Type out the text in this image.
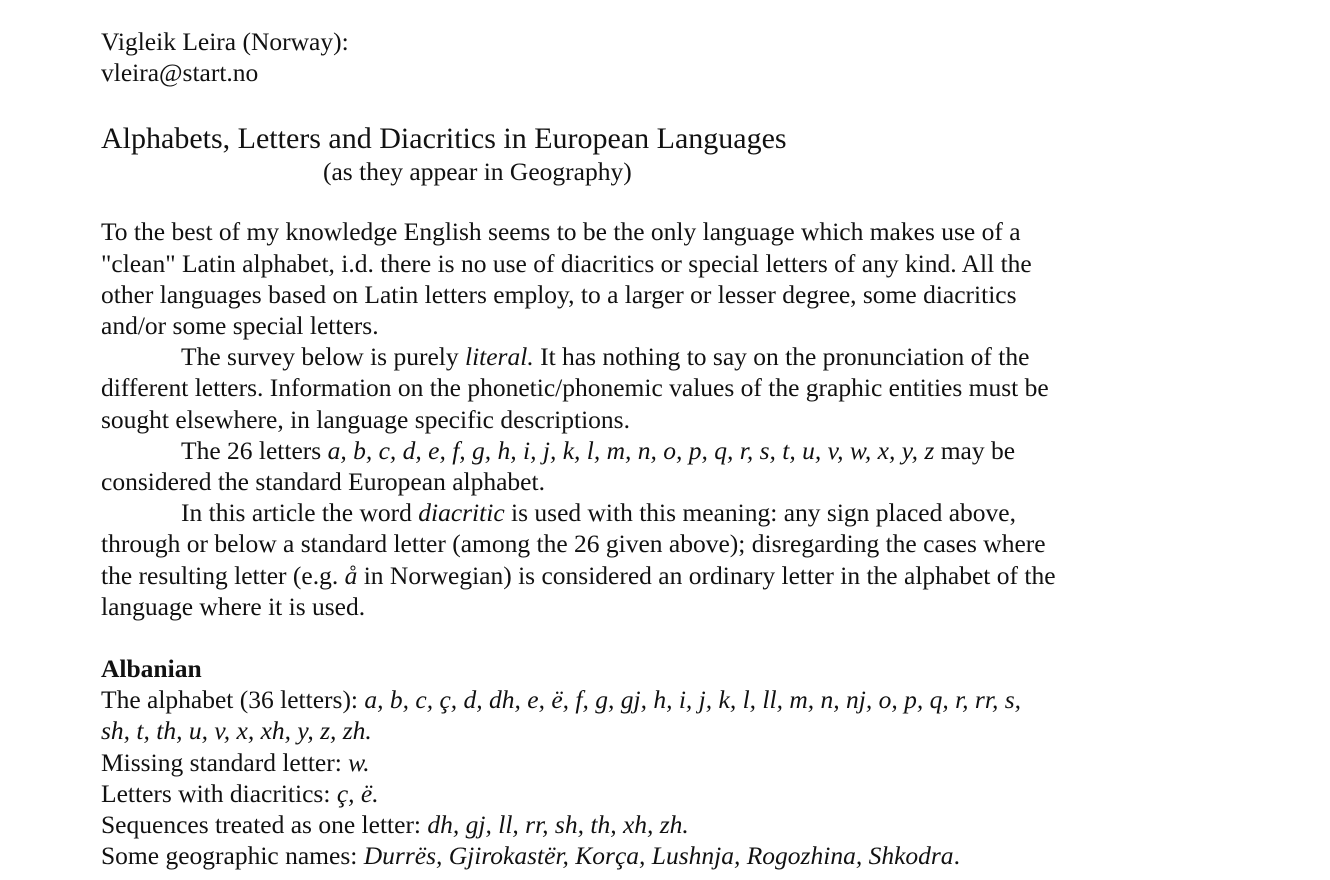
Vigleik Leira (Norway):
vleira@start.no
Alphabets, Letters and Diacritics in European Languages
(as they appear in Geography)
To the best of my knowledge English seems to be the only language which makes use of a
"clean" Latin alphabet, i.d. there is no use of diacritics or special letters of any kind. All the
other languages based on Latin letters employ, to a larger or lesser degree, some diacritics
and/or some special letters.
The survey below is purely literal. It has nothing to say on the pronunciation of the
different letters. Information on the phonetic/phonemic values of the graphic entities must be
sought elsewhere, in language specific descriptions.
The 26 letters a, b, c, d, e, f, g, h, i, j, k, l, m, n, o, p, q, r, s, t, u, v, w, x, y, z may be
considered the standard European alphabet.
In this article the word diacritic is used with this meaning: any sign placed above,
through or below a standard letter (among the 26 given above); disregarding the cases where
the resulting letter (e.g. å in Norwegian) is considered an ordinary letter in the alphabet of the
language where it is used.
Albanian
The alphabet (36 letters): a, b, c, ç, d, dh, e, ë, f, g, gj, h, i, j, k, l, ll, m, n, nj, o, p, q, r, rr, s,
sh, t, th, u, v, x, xh, y, z, zh.
Missing standard letter: w.
Letters with diacritics: ç, ë.
Sequences treated as one letter: dh, gj, ll, rr, sh, th, xh, zh.
Some geographic names: Durrës, Gjirokastër, Korça, Lushnja, Rogozhina, Shkodra.
